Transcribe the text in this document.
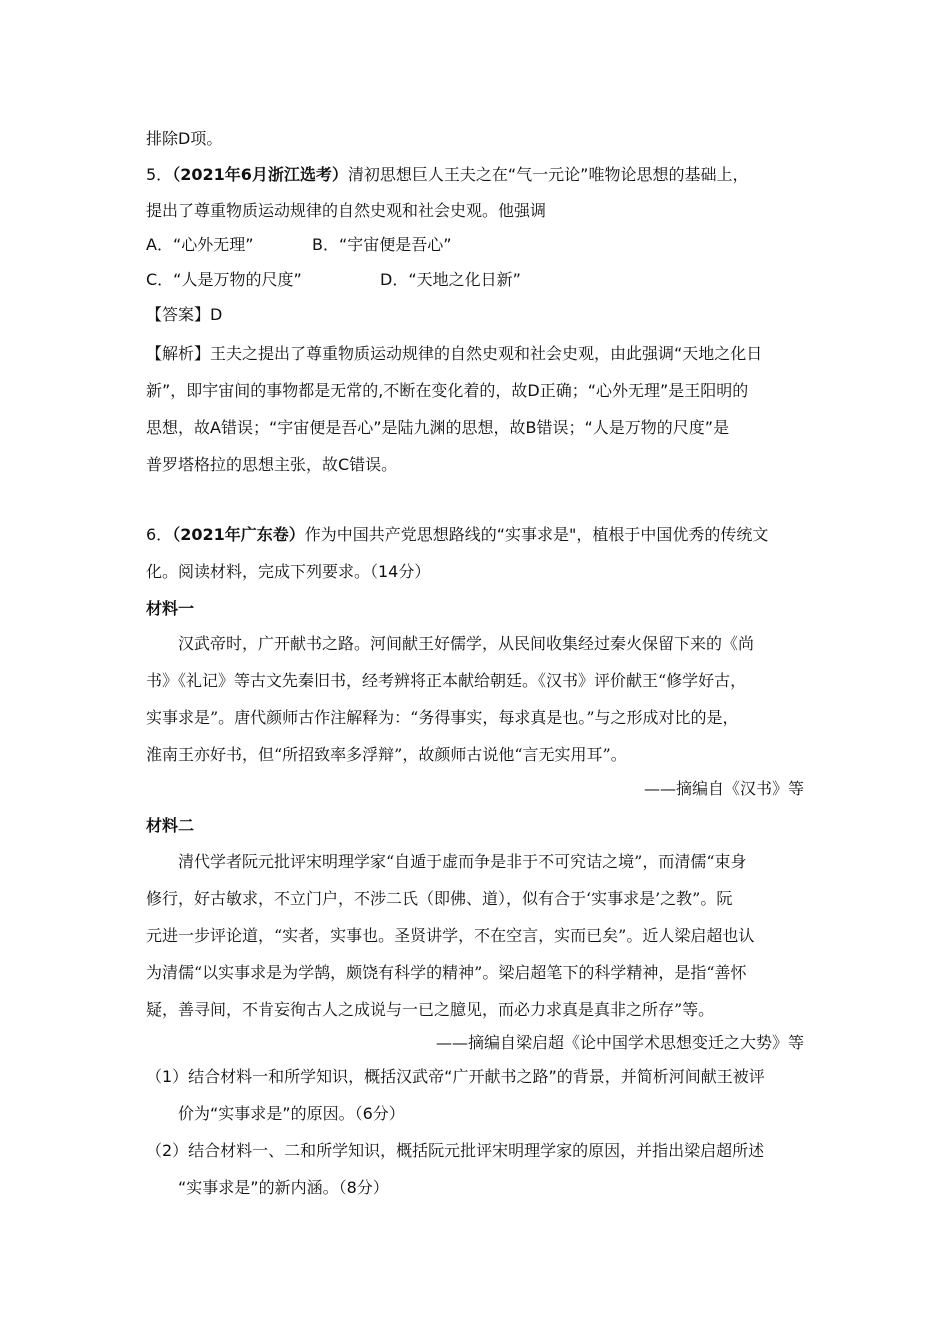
排除D项。
5．（2021年6月浙江选考）清初思想巨人王夫之在“气一元论”唯物论思想的基础上，
提出了尊重物质运动规律的自然史观和社会史观。他强调
A．“心外无理”	B．“宇宙便是吾心”
C．“人是万物的尺度”	D．“天地之化日新”
【答案】D
【解析】王夫之提出了尊重物质运动规律的自然史观和社会史观，由此强调“天地之化日
新”，即宇宙间的事物都是无常的,不断在变化着的，故D正确；“心外无理”是王阳明的
思想，故A错误；“宇宙便是吾心”是陆九渊的思想，故B错误；“人是万物的尺度”是
普罗塔格拉的思想主张，故C错误。
6．（2021年广东卷）作为中国共产党思想路线的“实事求是"，植根于中国优秀的传统文
化。阅读材料，完成下列要求。（14分）
材料一
汉武帝时，广开献书之路。河间献王好儒学，从民间收集经过秦火保留下来的《尚
书》《礼记》等古文先秦旧书，经考辨将正本献给朝廷。《汉书》评价献王“修学好古，
实事求是”。唐代颜师古作注解释为：“务得事实，每求真是也。”与之形成对比的是，
淮南王亦好书，但“所招致率多浮辩”，故颜师古说他“言无实用耳”。
——摘编自《汉书》等
材料二
清代学者阮元批评宋明理学家“自遁于虚而争是非于不可究诘之境”，而清儒“束身
修行，好古敏求，不立门户，不涉二氏（即佛、道），似有合于‘实事求是’之教”。阮
元进一步评论道，“实者，实事也。圣贤讲学，不在空言，实而已矣”。近人梁启超也认
为清儒“以实事求是为学鹄，颇饶有科学的精神”。梁启超笔下的科学精神，是指“善怀
疑，善寻间，不肯妄徇古人之成说与一已之臆见，而必力求真是真非之所存”等。
——摘编自梁启超《论中国学术思想变迁之大势》等
（1）结合材料一和所学知识，概括汉武帝“广开献书之路”的背景，并简析河间献王被评
价为“实事求是”的原因。（6分）
（2）结合材料一、二和所学知识，概括阮元批评宋明理学家的原因，并指出梁启超所述
“实事求是”的新内涵。（8分）
